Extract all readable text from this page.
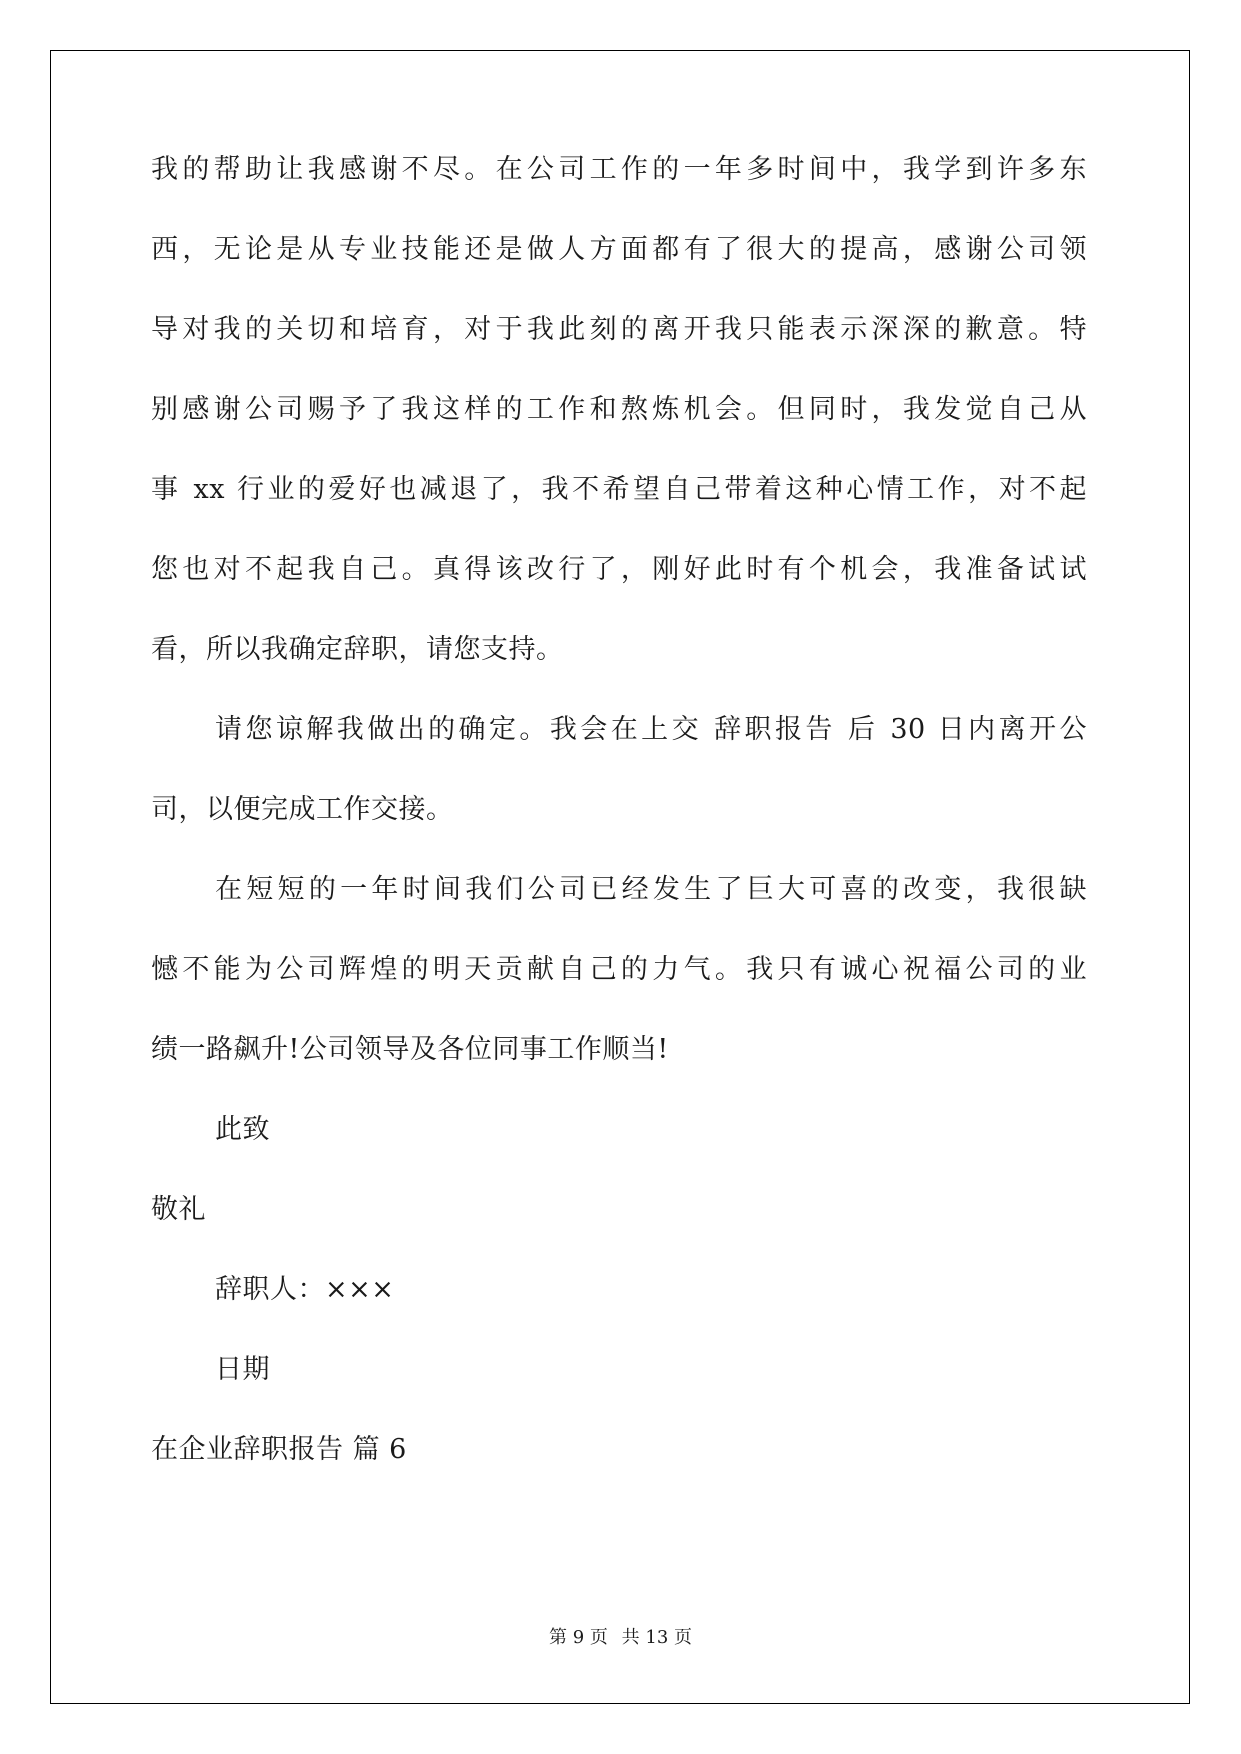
我的帮助让我感谢不尽。在公司工作的一年多时间中，我学到许多东
西，无论是从专业技能还是做人方面都有了很大的提高，感谢公司领
导对我的关切和培育，对于我此刻的离开我只能表示深深的歉意。特
别感谢公司赐予了我这样的工作和熬炼机会。但同时，我发觉自己从
事 xx 行业的爱好也减退了，我不希望自己带着这种心情工作，对不起
您也对不起我自己。真得该改行了，刚好此时有个机会，我准备试试
看，所以我确定辞职，请您支持。
请您谅解我做出的确定。我会在上交 辞职报告 后 30 日内离开公
司，以便完成工作交接。
在短短的一年时间我们公司已经发生了巨大可喜的改变，我很缺
憾不能为公司辉煌的明天贡献自己的力气。我只有诚心祝福公司的业
绩一路飙升!公司领导及各位同事工作顺当!
此致
敬礼
辞职人：×××
日期
在企业辞职报告 篇 6
第 9 页 共 13 页
